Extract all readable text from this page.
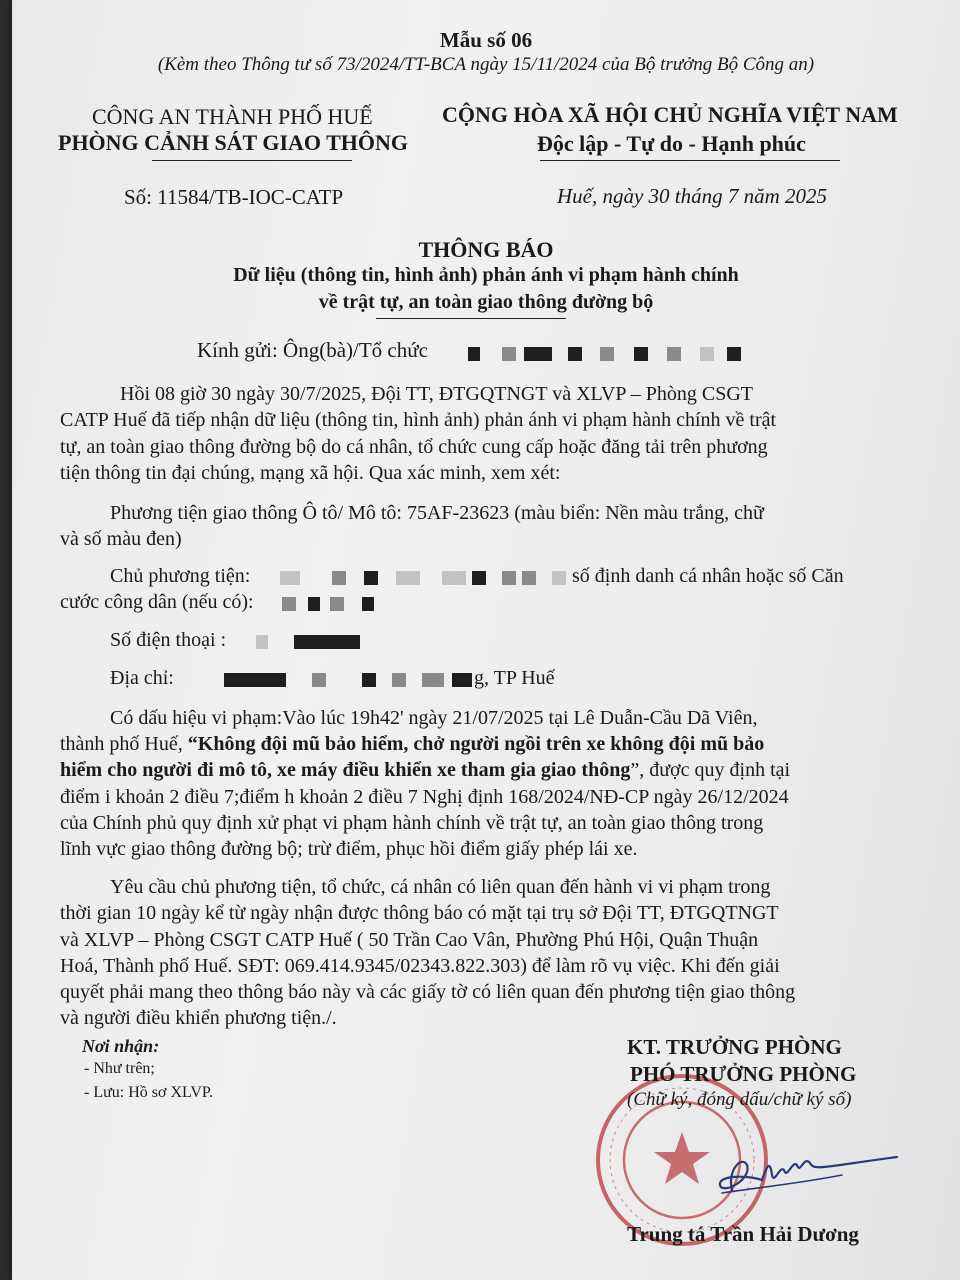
Mẫu số 06
(Kèm theo Thông tư số 73/2024/TT-BCA ngày 15/11/2024 của Bộ trưởng Bộ Công an)
CÔNG AN THÀNH PHỐ HUẾ
PHÒNG CẢNH SÁT GIAO THÔNG
CỘNG HÒA XÃ HỘI CHỦ NGHĨA VIỆT NAM
Độc lập - Tự do - Hạnh phúc
Số: 11584/TB-IOC-CATP	Huế, ngày 30 tháng 7 năm 2025
THÔNG BÁO
Dữ liệu (thông tin, hình ảnh) phản ánh vi phạm hành chính
về trật tự, an toàn giao thông đường bộ
Kính gửi: Ông(bà)/Tổ chức
Hồi 08 giờ 30 ngày 30/7/2025, Đội TT, ĐTGQTNGT và XLVP – Phòng CSGT
CATP Huế đã tiếp nhận dữ liệu (thông tin, hình ảnh) phản ánh vi phạm hành chính về trật
tự, an toàn giao thông đường bộ do cá nhân, tổ chức cung cấp hoặc đăng tải trên phương
tiện thông tin đại chúng, mạng xã hội. Qua xác minh, xem xét:
Phương tiện giao thông Ô tô/ Mô tô: 75AF-23623 (màu biển: Nền màu trắng, chữ
và số màu đen)
Chủ phương tiện:	số định danh cá nhân hoặc số Căn
cước công dân (nếu có):
Số điện thoại :
Địa chỉ:	g, TP Huế
Có dấu hiệu vi phạm:Vào lúc 19h42' ngày 21/07/2025 tại Lê Duẫn-Cầu Dã Viên,
thành phố Huế, “Không đội mũ bảo hiểm, chở người ngồi trên xe không đội mũ bảo
hiểm cho người đi mô tô, xe máy điều khiển xe tham gia giao thông”, được quy định tại
điểm i khoản 2 điều 7;điểm h khoản 2 điều 7 Nghị định 168/2024/NĐ-CP ngày 26/12/2024
của Chính phủ quy định xử phạt vi phạm hành chính về trật tự, an toàn giao thông trong
lĩnh vực giao thông đường bộ; trừ điểm, phục hồi điểm giấy phép lái xe.
Yêu cầu chủ phương tiện, tổ chức, cá nhân có liên quan đến hành vi vi phạm trong
thời gian 10 ngày kể từ ngày nhận được thông báo có mặt tại trụ sở Đội TT, ĐTGQTNGT
và XLVP – Phòng CSGT CATP Huế ( 50 Trần Cao Vân, Phường Phú Hội, Quận Thuận
Hoá, Thành phố Huế. SĐT: 069.414.9345/02343.822.303) để làm rõ vụ việc. Khi đến giải
quyết phải mang theo thông báo này và các giấy tờ có liên quan đến phương tiện giao thông
và người điều khiển phương tiện./.
Nơi nhận:
- Như trên;
- Lưu: Hồ sơ XLVP.
KT. TRƯỞNG PHÒNG
PHÓ TRƯỞNG PHÒNG
(Chữ ký, đóng dấu/chữ ký số)
Trung tá Trần Hải Dương
